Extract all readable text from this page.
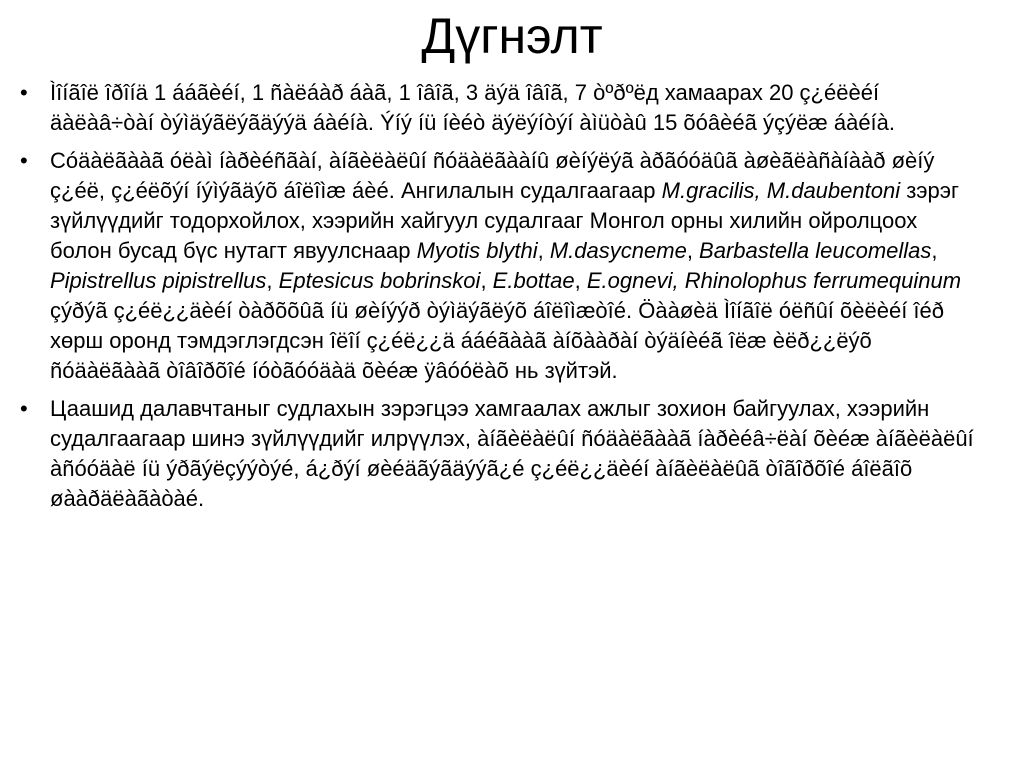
Дүгнэлт
•	Ìîíãîë îðîíä 1 ááãèéí, 1 ñàëáàð áàã, 1 îâîã, 3 äýä îâîã, 7 òºðºëд хамаарах 20 ç¿éëèéí äàëàâ÷òàí òýìäýãëýãäýýä áàéíà. Ýíý íü íèéò äýëýíòýí àìüòàû 15 õóâèéã ýçýëæ áàéíà.
•	Cóäàëãààã óëàì íàðèéñãàí, àíãèëàëûí ñóäàëãààíû øèíýëýã àðãóóäûã àøèãëàñàíààð øèíý ç¿éë, ç¿éëõýí íýìýãäýõ áîëîìæ áèé. Ангилалын судалгаагаар M.gracilis, M.daubentoni зэрэг зүйлүүдийг тодорхойлох, хээрийн хайгуул судалгааг Монгол орны хилийн ойролцоох болон бусад бүс нутагт явуулснаар Myotis blythi, M.dasycneme, Barbastella leucomellas, Pipistrellus pipistrellus, Eptesicus bobrinskoi, E.bottae, E.ognevi, Rhinolophus ferrumequinum çýðýã ç¿éë¿¿äèéí òàðõõûã íü øèíýýð òýìäýãëýõ áîëîìæòîé. Öààøèä Ìîíãîë óëñûí õèëèéí îéð хөрш оронд тэмдэглэгдсэн îëîí ç¿éë¿¿ä ááéãààã àíõààðàí òýäíèéã îëæ èëð¿¿ëýõ ñóäàëãààã òîâîðõîé íóòãóóäàä õèéæ ÿâóóëàõ нь зүйтэй.
•	Цаашид далавчтаныг судлахын зэрэгцээ хамгаалах ажлыг зохион байгуулах, хээрийн судалгаагаар шинэ зүйлүүдийг илрүүлэх, àíãèëàëûí ñóäàëãààã íàðèéâ÷ëàí õèéæ àíãèëàëûí àñóóäàë íü ýðãýëçýýòýé, á¿ðýí øèéäãýãäýýã¿é ç¿éë¿¿äèéí àíãèëàëûã òîãîðõîé áîëãîõ øààðäëàãàòàé.
